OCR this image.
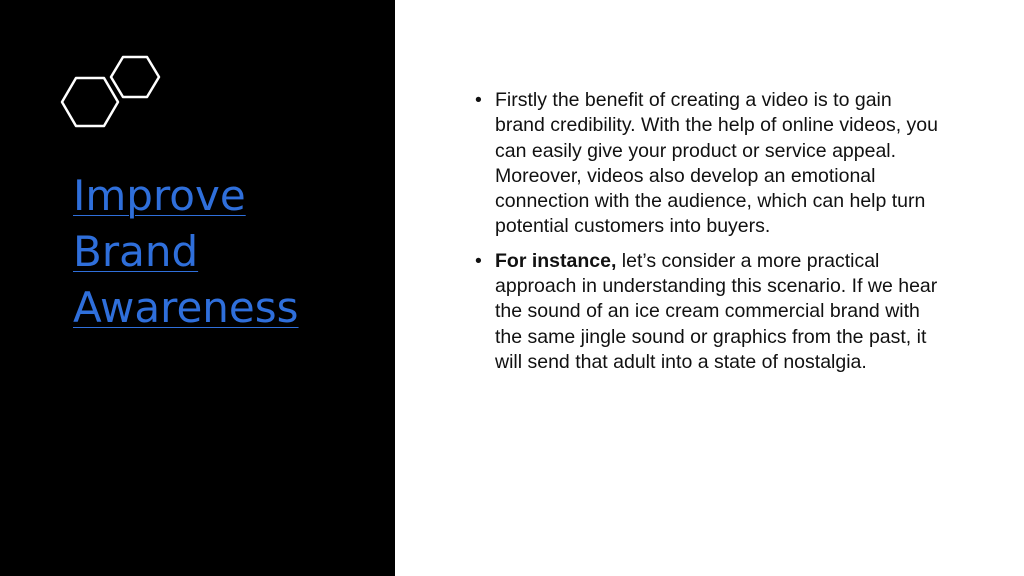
Improve
Brand
Awareness
• Firstly the benefit of creating a video is to gain brand credibility. With the help of online videos, you can easily give your product or service appeal. Moreover, videos also develop an emotional connection with the audience, which can help turn potential customers into buyers.
• For instance, let’s consider a more practical approach in understanding this scenario. If we hear the sound of an ice cream commercial brand with the same jingle sound or graphics from the past, it will send that adult into a state of nostalgia.
